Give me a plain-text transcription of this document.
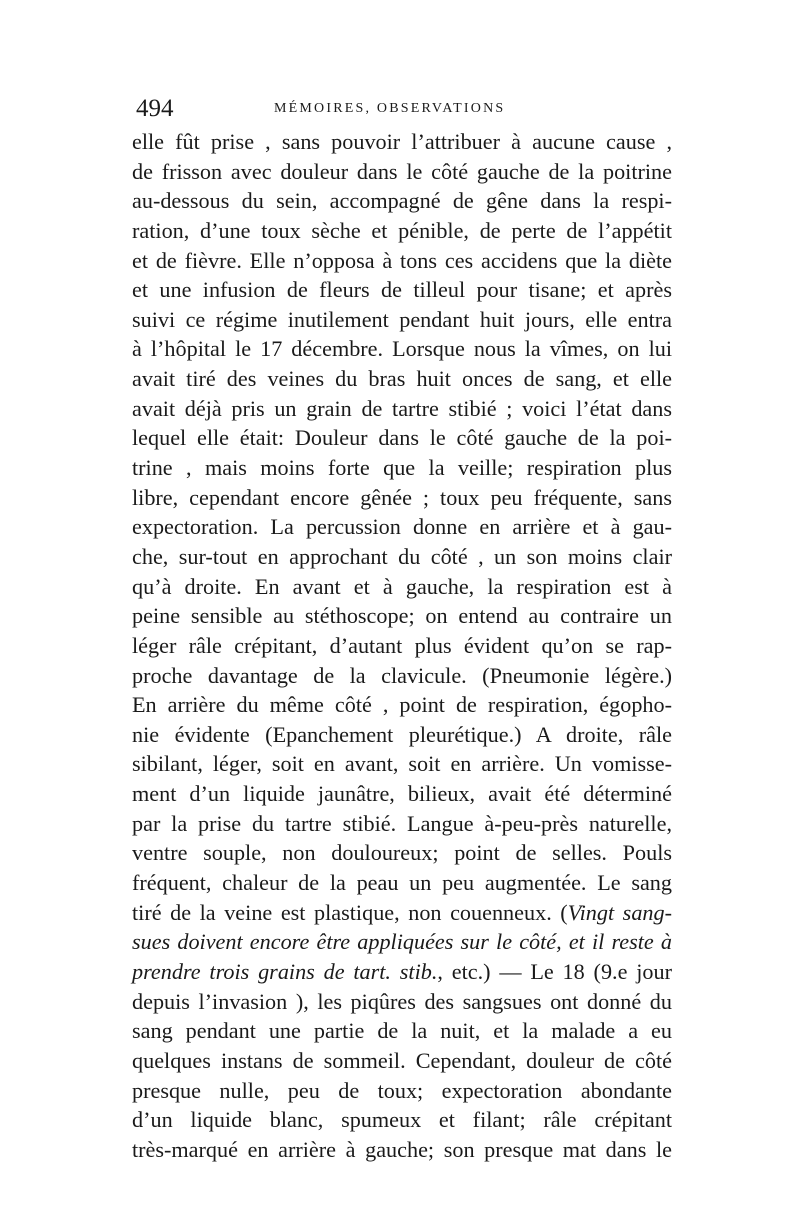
494	MÉMOIRES, OBSERVATIONS
elle fût prise , sans pouvoir l’attribuer à aucune cause ,
de frisson avec douleur dans le côté gauche de la poitrine
au-dessous du sein, accompagné de gêne dans la respi-
ration, d’une toux sèche et pénible, de perte de l’appétit
et de fièvre. Elle n’opposa à tons ces accidens que la diète
et une infusion de fleurs de tilleul pour tisane; et après
suivi ce régime inutilement pendant huit jours, elle entra
à l’hôpital le 17 décembre. Lorsque nous la vîmes, on lui
avait tiré des veines du bras huit onces de sang, et elle
avait déjà pris un grain de tartre stibié ; voici l’état dans
lequel elle était: Douleur dans le côté gauche de la poi-
trine , mais moins forte que la veille; respiration plus
libre, cependant encore gênée ; toux peu fréquente, sans
expectoration. La percussion donne en arrière et à gau-
che, sur-tout en approchant du côté , un son moins clair
qu’à droite. En avant et à gauche, la respiration est à
peine sensible au stéthoscope; on entend au contraire un
léger râle crépitant, d’autant plus évident qu’on se rap-
proche davantage de la clavicule. (Pneumonie légère.)
En arrière du même côté , point de respiration, égopho-
nie évidente (Epanchement pleurétique.) A droite, râle
sibilant, léger, soit en avant, soit en arrière. Un vomisse-
ment d’un liquide jaunâtre, bilieux, avait été déterminé
par la prise du tartre stibié. Langue à-peu-près naturelle,
ventre souple, non douloureux; point de selles. Pouls
fréquent, chaleur de la peau un peu augmentée. Le sang
tiré de la veine est plastique, non couenneux. (Vingt sang-
sues doivent encore être appliquées sur le côté, et il reste à
prendre trois grains de tart. stib., etc.) — Le 18 (9.e jour
depuis l’invasion ), les piqûres des sangsues ont donné du
sang pendant une partie de la nuit, et la malade a eu
quelques instans de sommeil. Cependant, douleur de côté
presque nulle, peu de toux; expectoration abondante
d’un liquide blanc, spumeux et filant; râle crépitant
très-marqué en arrière à gauche; son presque mat dans le
